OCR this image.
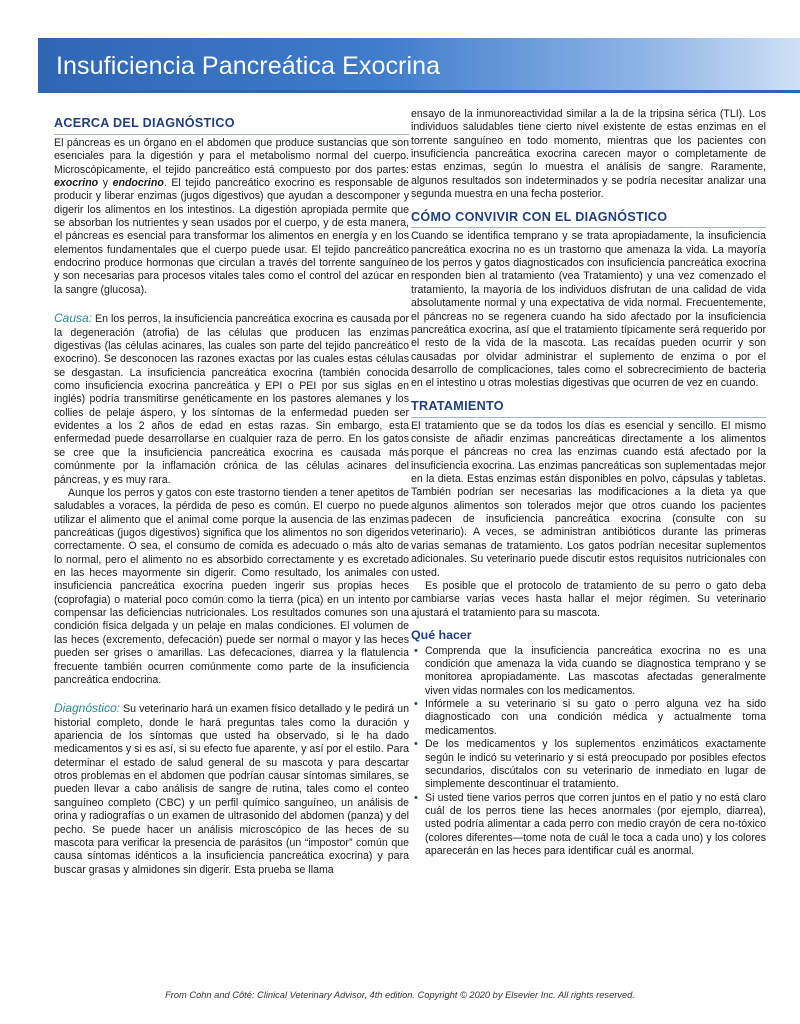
Insuficiencia Pancreática Exocrina
ACERCA DEL DIAGNÓSTICO

El páncreas es un órgano en el abdomen que produce sustancias que son esenciales para la digestión y para el metabolismo normal del cuerpo. Microscópicamente, el tejido pancreático está compuesto por dos partes: exocrino y endocrino. El tejido pancreático exocrino es responsable de producir y liberar enzimas (jugos digestivos) que ayudan a descomponer y digerir los alimentos en los intestinos. La digestión apropiada permite que se absorban los nutrientes y sean usados por el cuerpo, y de esta manera, el páncreas es esencial para transformar los alimentos en energía y en los elementos fundamentales que el cuerpo puede usar. El tejido pancreático endocrino produce hormonas que circulan a través del torrente sanguíneo y son necesarias para procesos vitales tales como el control del azúcar en la sangre (glucosa).

Causa: En los perros, la insuficiencia pancreática exocrina es causada por la degeneración (atrofia) de las células que producen las enzimas digestivas (las células acinares, las cuales son parte del tejido pancreático exocrino). Se desconocen las razones exactas por las cuales estas células se desgastan. La insuficiencia pancreática exocrina (también conocida como insuficiencia exocrina pancreática y EPI o PEI por sus siglas en inglés) podría transmitirse genéticamente en los pastores alemanes y los collies de pelaje áspero, y los síntomas de la enfermedad pueden ser evidentes a los 2 años de edad en estas razas. Sin embargo, esta enfermedad puede desarrollarse en cualquier raza de perro. En los gatos se cree que la insuficiencia pancreática exocrina es causada más comúnmente por la inflamación crónica de las células acinares del páncreas, y es muy rara.

Aunque los perros y gatos con este trastorno tienden a tener apetitos de saludables a voraces, la pérdida de peso es común. El cuerpo no puede utilizar el alimento que el animal come porque la ausencia de las enzimas pancreáticas (jugos digestivos) significa que los alimentos no son digeridos correctamente. O sea, el consumo de comida es adecuado o más alto de lo normal, pero el alimento no es absorbido correctamente y es excretado en las heces mayormente sin digerir. Como resultado, los animales con insuficiencia pancreática exocrina pueden ingerir sus propias heces (coprofagia) o material poco común como la tierra (pica) en un intento por compensar las deficiencias nutricionales. Los resultados comunes son una condición física delgada y un pelaje en malas condiciones. El volumen de las heces (excremento, defecación) puede ser normal o mayor y las heces pueden ser grises o amarillas. Las defecaciones, diarrea y la flatulencia frecuente también ocurren comúnmente como parte de la insuficiencia pancreática endocrina.

Diagnóstico: Su veterinario hará un examen físico detallado y le pedirá un historial completo, donde le hará preguntas tales como la duración y apariencia de los síntomas que usted ha observado, si le ha dado medicamentos y si es así, si su efecto fue aparente, y así por el estilo. Para determinar el estado de salud general de su mascota y para descartar otros problemas en el abdomen que podrían causar síntomas similares, se pueden llevar a cabo análisis de sangre de rutina, tales como el conteo sanguíneo completo (CBC) y un perfil químico sanguíneo, un análisis de orina y radiografías o un examen de ultrasonido del abdomen (panza) y del pecho. Se puede hacer un análisis microscópico de las heces de su mascota para verificar la presencia de parásitos (un “impostor” común que causa síntomas idénticos a la insuficiencia pancreática exocrina) y para buscar grasas y almidones sin digerir. Esta prueba se llama

ensayo de la inmunoreactividad similar a la de la tripsina sérica (TLI). Los individuos saludables tiene cierto nivel existente de estas enzimas en el torrente sanguíneo en todo momento, mientras que los pacientes con insuficiencia pancreática exocrina carecen mayor o completamente de estas enzimas, según lo muestra el análisis de sangre. Raramente, algunos resultados son indeterminados y se podría necesitar analizar una segunda muestra en una fecha posterior.

CÓMO CONVIVIR CON EL DIAGNÓSTICO

Cuando se identifica temprano y se trata apropiadamente, la insuficiencia pancreática exocrina no es un trastorno que amenaza la vida. La mayoría de los perros y gatos diagnosticados con insuficiencia pancreática exocrina responden bien al tratamiento (vea Tratamiento) y una vez comenzado el tratamiento, la mayoría de los individuos disfrutan de una calidad de vida absolutamente normal y una expectativa de vida normal. Frecuentemente, el páncreas no se regenera cuando ha sido afectado por la insuficiencia pancreática exocrina, así que el tratamiento típicamente será requerido por el resto de la vida de la mascota. Las recaídas pueden ocurrir y son causadas por olvidar administrar el suplemento de enzima o por el desarrollo de complicaciones, tales como el sobrecrecimiento de bacteria en el intestino u otras molestias digestivas que ocurren de vez en cuando.

TRATAMIENTO

El tratamiento que se da todos los días es esencial y sencillo. El mismo consiste de añadir enzimas pancreáticas directamente a los alimentos porque el páncreas no crea las enzimas cuando está afectado por la insuficiencia exocrina. Las enzimas pancreáticas son suplementadas mejor en la dieta. Estas enzimas están disponibles en polvo, cápsulas y tabletas. También podrían ser necesarias las modificaciones a la dieta ya que algunos alimentos son tolerados mejor que otros cuando los pacientes padecen de insuficiencia pancreática exocrina (consulte con su veterinario). A veces, se administran antibióticos durante las primeras varias semanas de tratamiento. Los gatos podrían necesitar suplementos adicionales. Su veterinario puede discutir estos requisitos nutricionales con usted.

Es posible que el protocolo de tratamiento de su perro o gato deba cambiarse varias veces hasta hallar el mejor régimen. Su veterinario ajustará el tratamiento para su mascota.

Qué hacer
• Comprenda que la insuficiencia pancreática exocrina no es una condición que amenaza la vida cuando se diagnostica temprano y se monitorea apropiadamente. Las mascotas afectadas generalmente viven vidas normales con los medicamentos.
• Infórmele a su veterinario si su gato o perro alguna vez ha sido diagnosticado con una condición médica y actualmente toma medicamentos.
• De los medicamentos y los suplementos enzimáticos exactamente según le indicó su veterinario y si está preocupado por posibles efectos secundarios, discútalos con su veterinario de inmediato en lugar de simplemente descontinuar el tratamiento.
• Si usted tiene varios perros que corren juntos en el patio y no está claro cuál de los perros tiene las heces anormales (por ejemplo, diarrea), usted podría alimentar a cada perro con medio crayón de cera no-tóxico (colores diferentes—tome nota de cuál le toca a cada uno) y los colores aparecerán en las heces para identificar cuál es anormal.
From Cohn and Côté: Clinical Veterinary Advisor, 4th edition. Copyright © 2020 by Elsevier Inc. All rights reserved.
